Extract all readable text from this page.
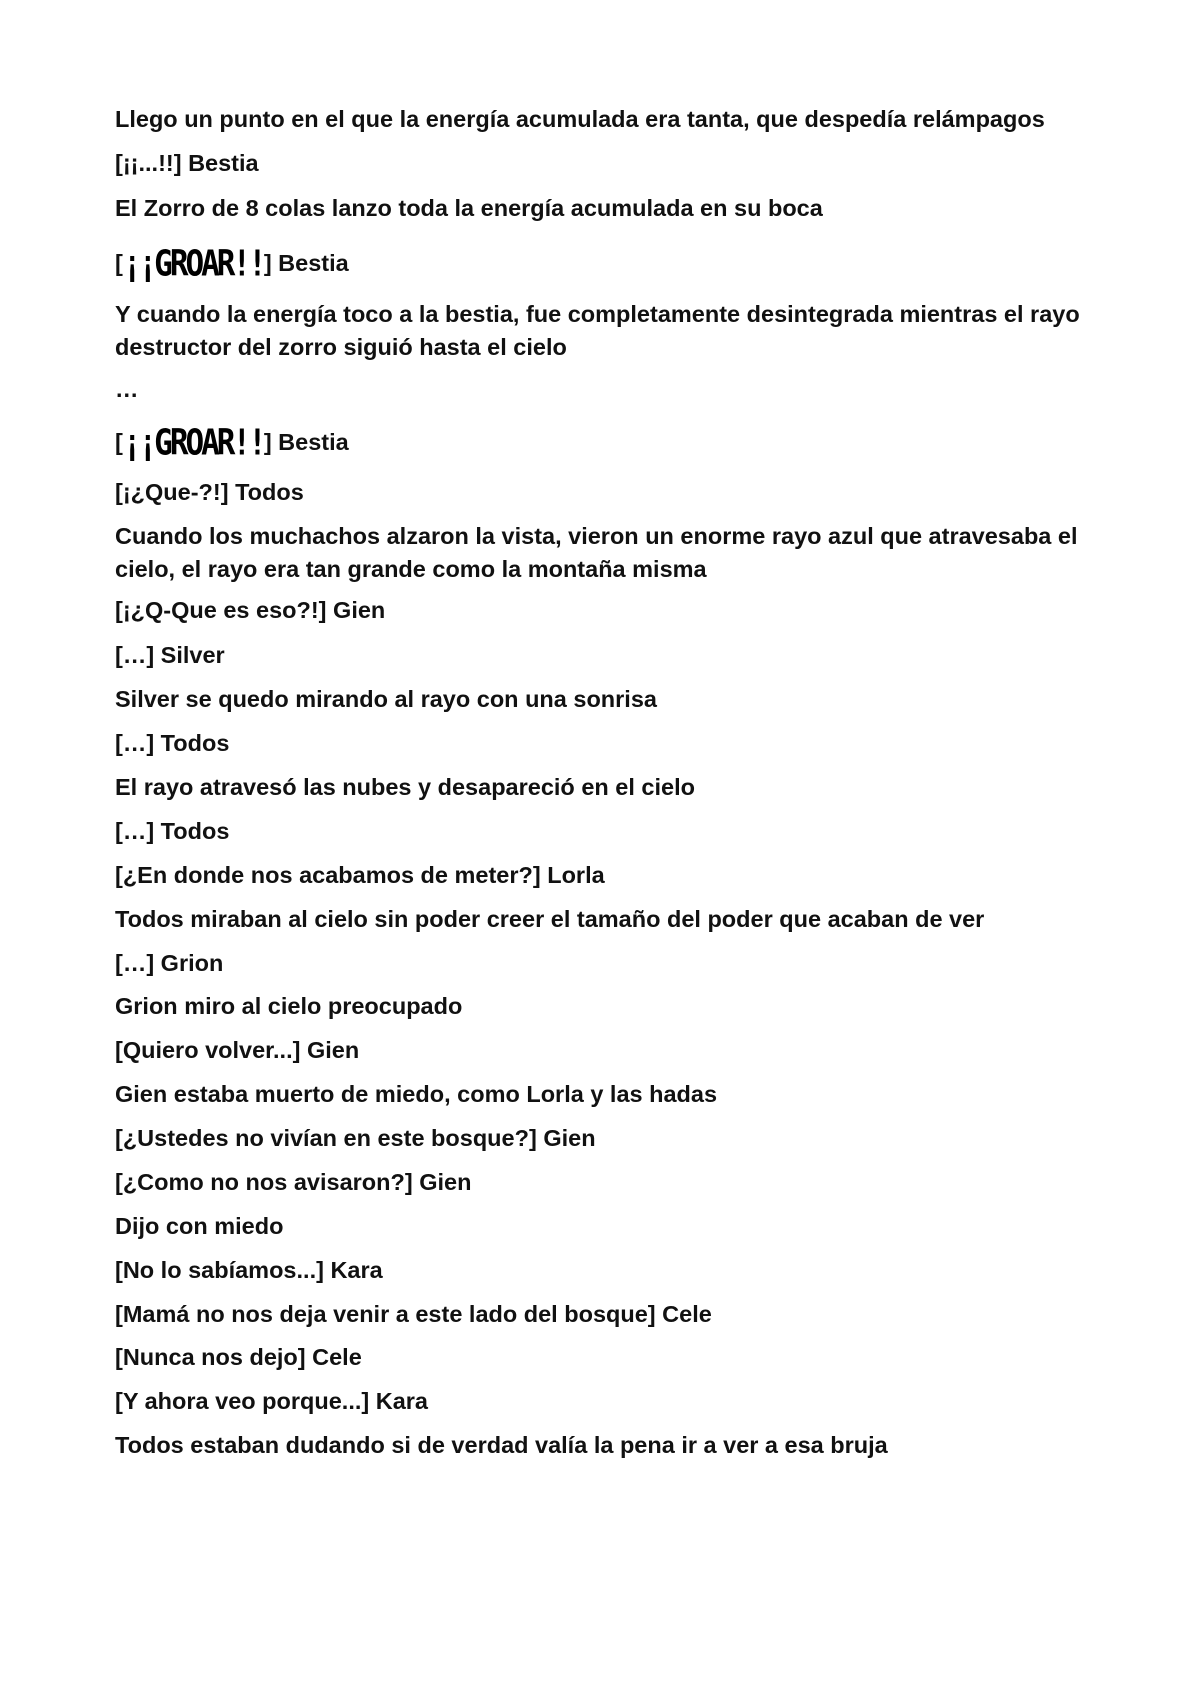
Llego un punto en el que la energía acumulada era tanta, que despedía relámpagos

[¡¡...!!] Bestia

El Zorro de 8 colas lanzo toda la energía acumulada en su boca

[¡¡GROAR!!] Bestia

Y cuando la energía toco a la bestia, fue completamente desintegrada mientras el rayo destructor del zorro siguió hasta el cielo

…

[¡¡GROAR!!] Bestia

[¡¿Que-?!] Todos

Cuando los muchachos alzaron la vista, vieron un enorme rayo azul que atravesaba el cielo, el rayo era tan grande como la montaña misma

[¡¿Q-Que es eso?!] Gien

[…] Silver

Silver se quedo mirando al rayo con una sonrisa

[…] Todos

El rayo atravesó las nubes y desapareció en el cielo

[…] Todos

[¿En donde nos acabamos de meter?] Lorla

Todos miraban al cielo sin poder creer el tamaño del poder que acaban de ver

[…] Grion

Grion miro al cielo preocupado

[Quiero volver...] Gien

Gien estaba muerto de miedo, como Lorla y las hadas

[¿Ustedes no vivían en este bosque?] Gien

[¿Como no nos avisaron?] Gien

Dijo con miedo

[No lo sabíamos...] Kara

[Mamá no nos deja venir a este lado del bosque] Cele

[Nunca nos dejo] Cele

[Y ahora veo porque...] Kara

Todos estaban dudando si de verdad valía la pena ir a ver a esa bruja
